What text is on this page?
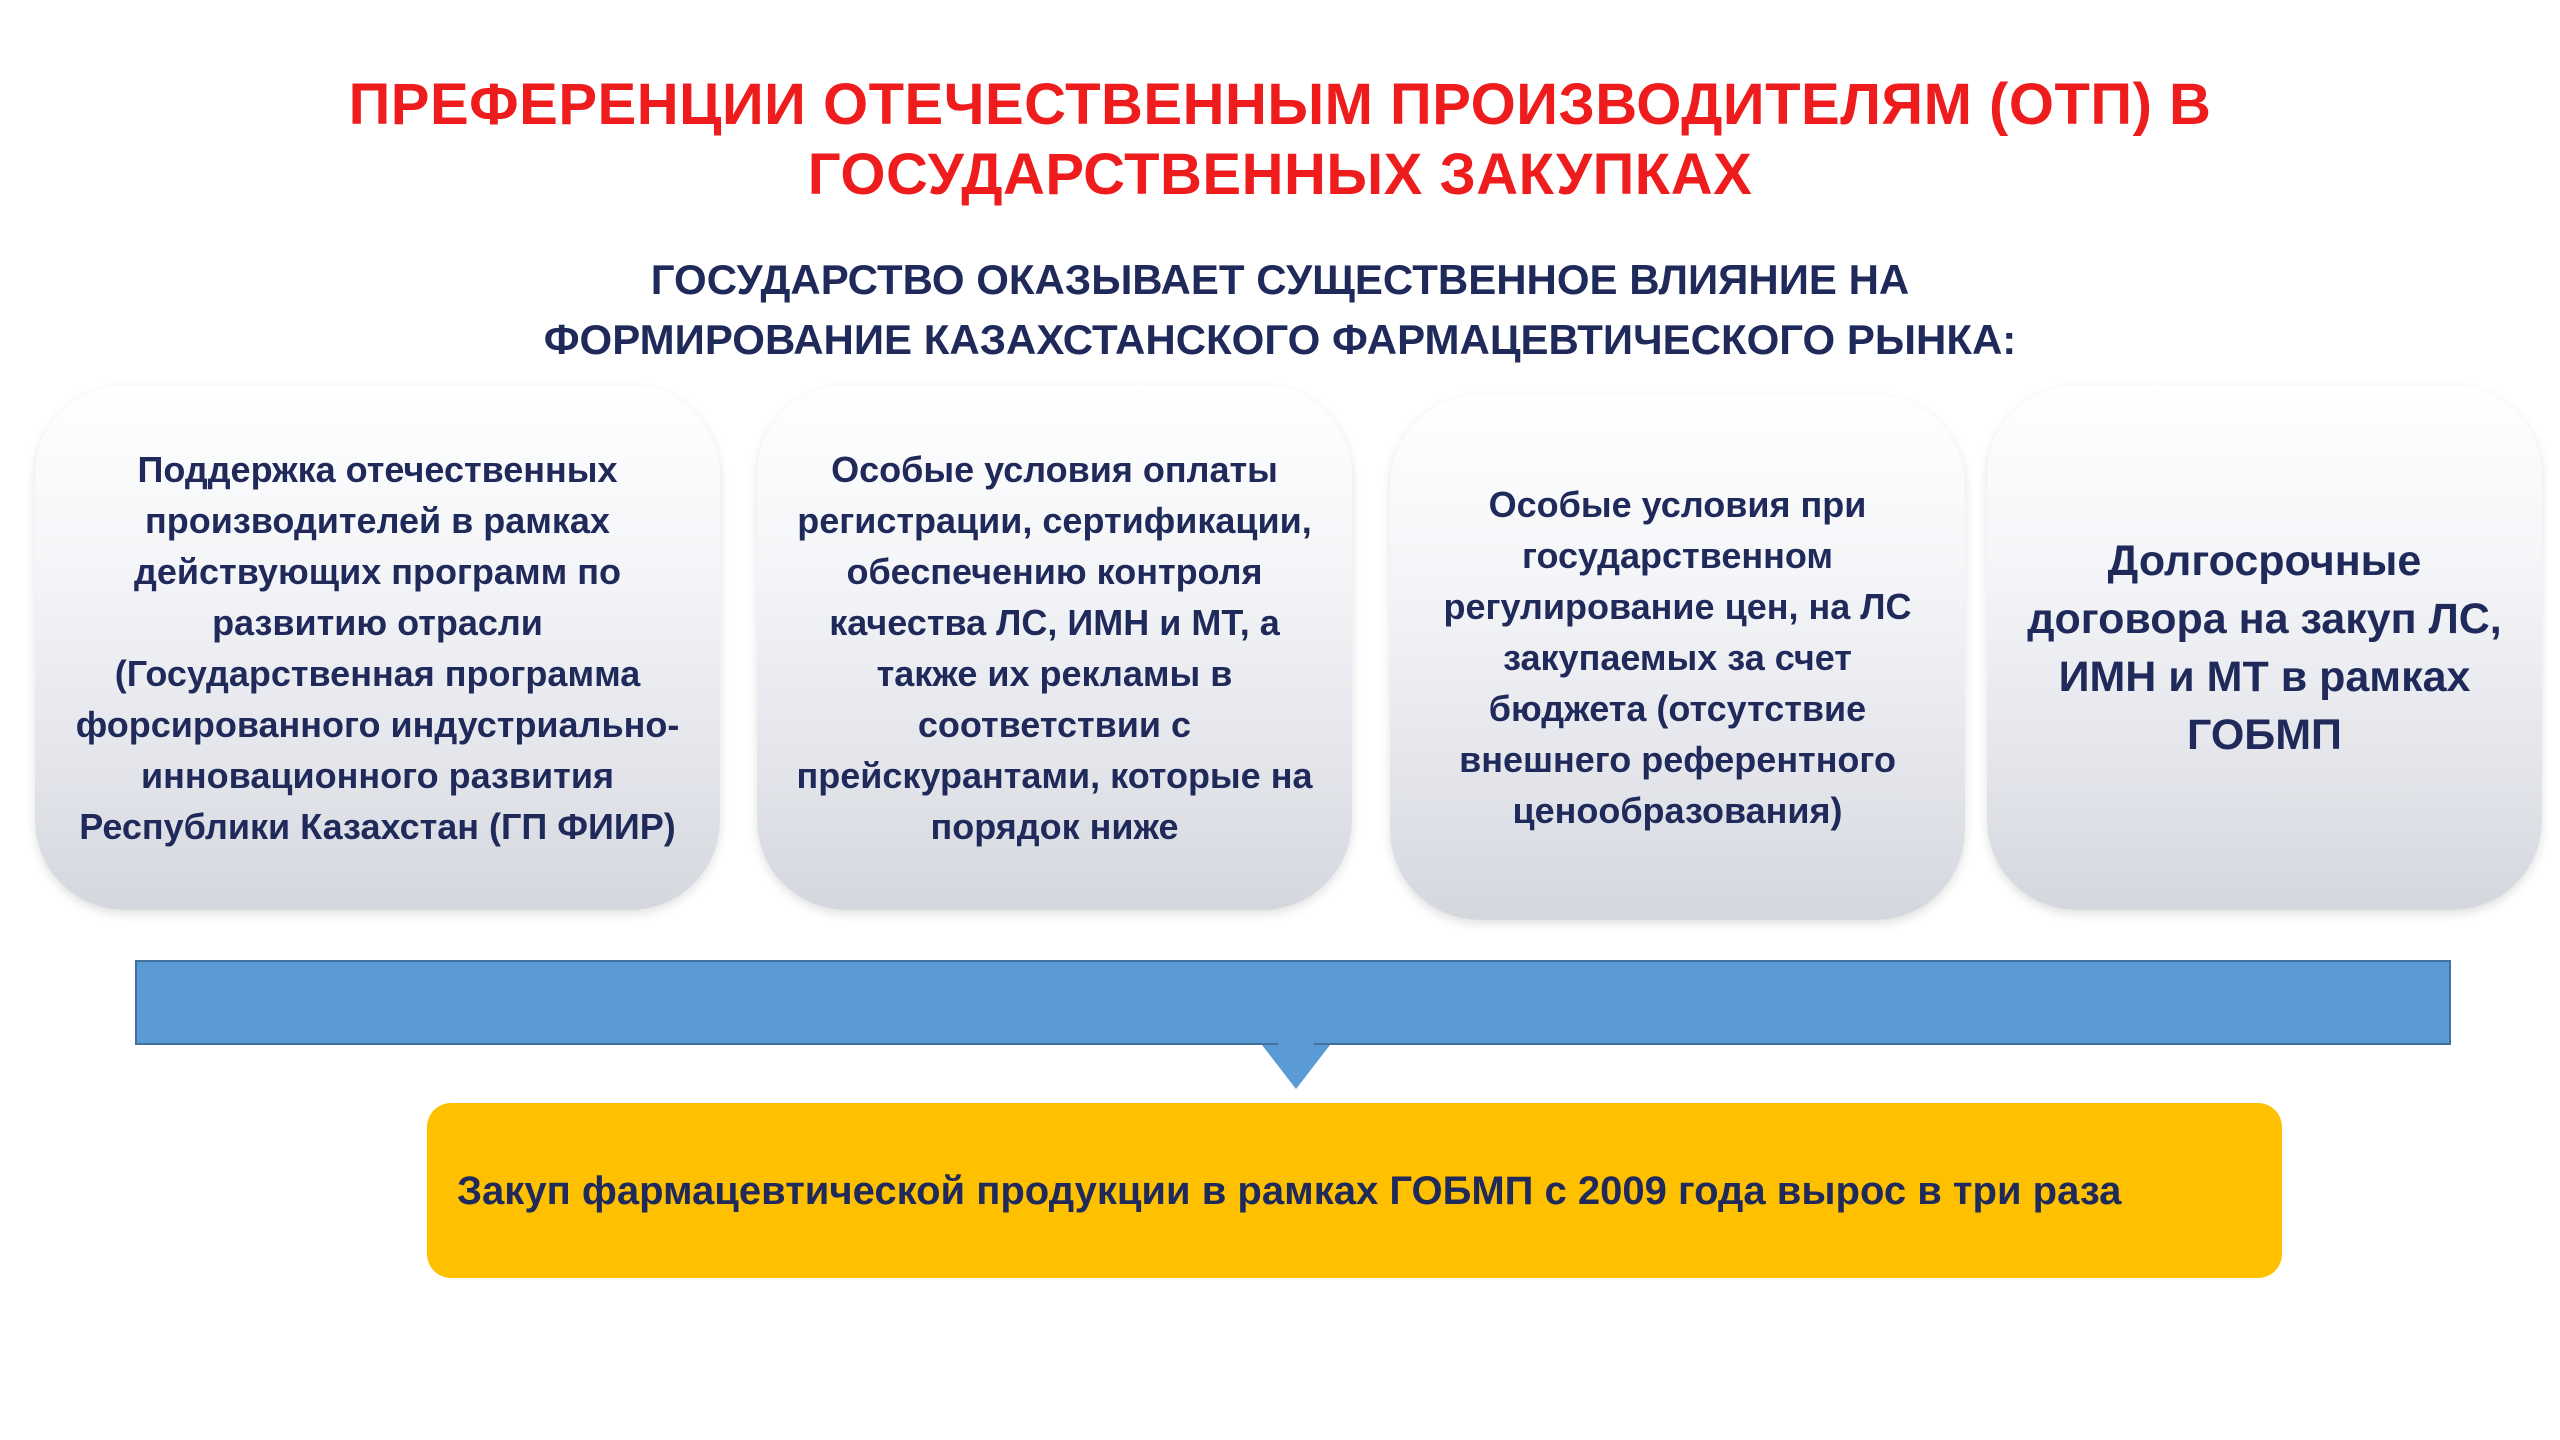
ПРЕФЕРЕНЦИИ ОТЕЧЕСТВЕННЫМ ПРОИЗВОДИТЕЛЯМ (ОТП) В ГОСУДАРСТВЕННЫХ ЗАКУПКАХ
ГОСУДАРСТВО ОКАЗЫВАЕТ СУЩЕСТВЕННОЕ ВЛИЯНИЕ НА ФОРМИРОВАНИЕ КАЗАХСТАНСКОГО ФАРМАЦЕВТИЧЕСКОГО РЫНКА:
Поддержка отечественных производителей в рамках действующих программ по развитию отрасли (Государственная программа форсированного индустриально-инновационного развития Республики Казахстан (ГП ФИИР)
Особые условия оплаты регистрации, сертификации, обеспечению контроля качества ЛС, ИМН и МТ, а также их рекламы в соответствии с прейскурантами, которые на порядок ниже
Особые условия при государственном регулирование цен, на ЛС закупаемых за счет бюджета (отсутствие внешнего референтного ценообразования)
Долгосрочные договора на закуп ЛС, ИМН и МТ в рамках ГОБМП
Закуп фармацевтической продукции в рамках ГОБМП с 2009 года вырос в три раза
